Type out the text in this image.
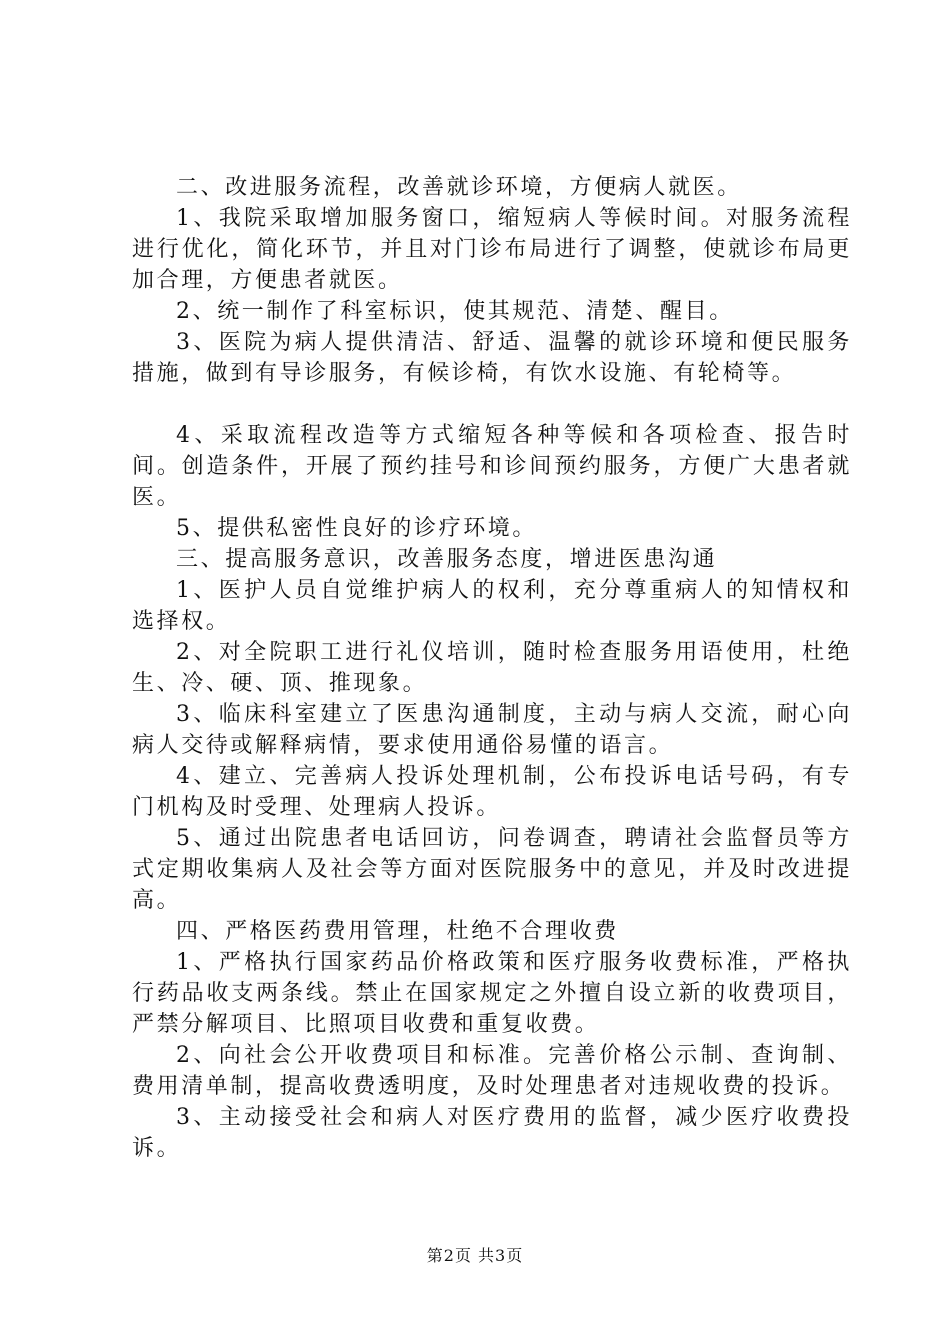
二、改进服务流程，改善就诊环境，方便病人就医。

1、我院采取增加服务窗口，缩短病人等候时间。对服务流程进行优化，简化环节，并且对门诊布局进行了调整，使就诊布局更加合理，方便患者就医。

2、统一制作了科室标识，使其规范、清楚、醒目。

3、医院为病人提供清洁、舒适、温馨的就诊环境和便民服务措施，做到有导诊服务，有候诊椅，有饮水设施、有轮椅等。

4、采取流程改造等方式缩短各种等候和各项检查、报告时间。创造条件，开展了预约挂号和诊间预约服务，方便广大患者就医。

5、提供私密性良好的诊疗环境。

三、提高服务意识，改善服务态度，增进医患沟通

1、医护人员自觉维护病人的权利，充分尊重病人的知情权和选择权。

2、对全院职工进行礼仪培训，随时检查服务用语使用，杜绝生、冷、硬、顶、推现象。

3、临床科室建立了医患沟通制度，主动与病人交流，耐心向病人交待或解释病情，要求使用通俗易懂的语言。

4、建立、完善病人投诉处理机制，公布投诉电话号码，有专门机构及时受理、处理病人投诉。

5、通过出院患者电话回访，问卷调查，聘请社会监督员等方式定期收集病人及社会等方面对医院服务中的意见，并及时改进提高。

四、严格医药费用管理，杜绝不合理收费

1、严格执行国家药品价格政策和医疗服务收费标准，严格执行药品收支两条线。禁止在国家规定之外擅自设立新的收费项目，严禁分解项目、比照项目收费和重复收费。

2、向社会公开收费项目和标准。完善价格公示制、查询制、费用清单制，提高收费透明度，及时处理患者对违规收费的投诉。

3、主动接受社会和病人对医疗费用的监督，减少医疗收费投诉。

第2页 共3页
